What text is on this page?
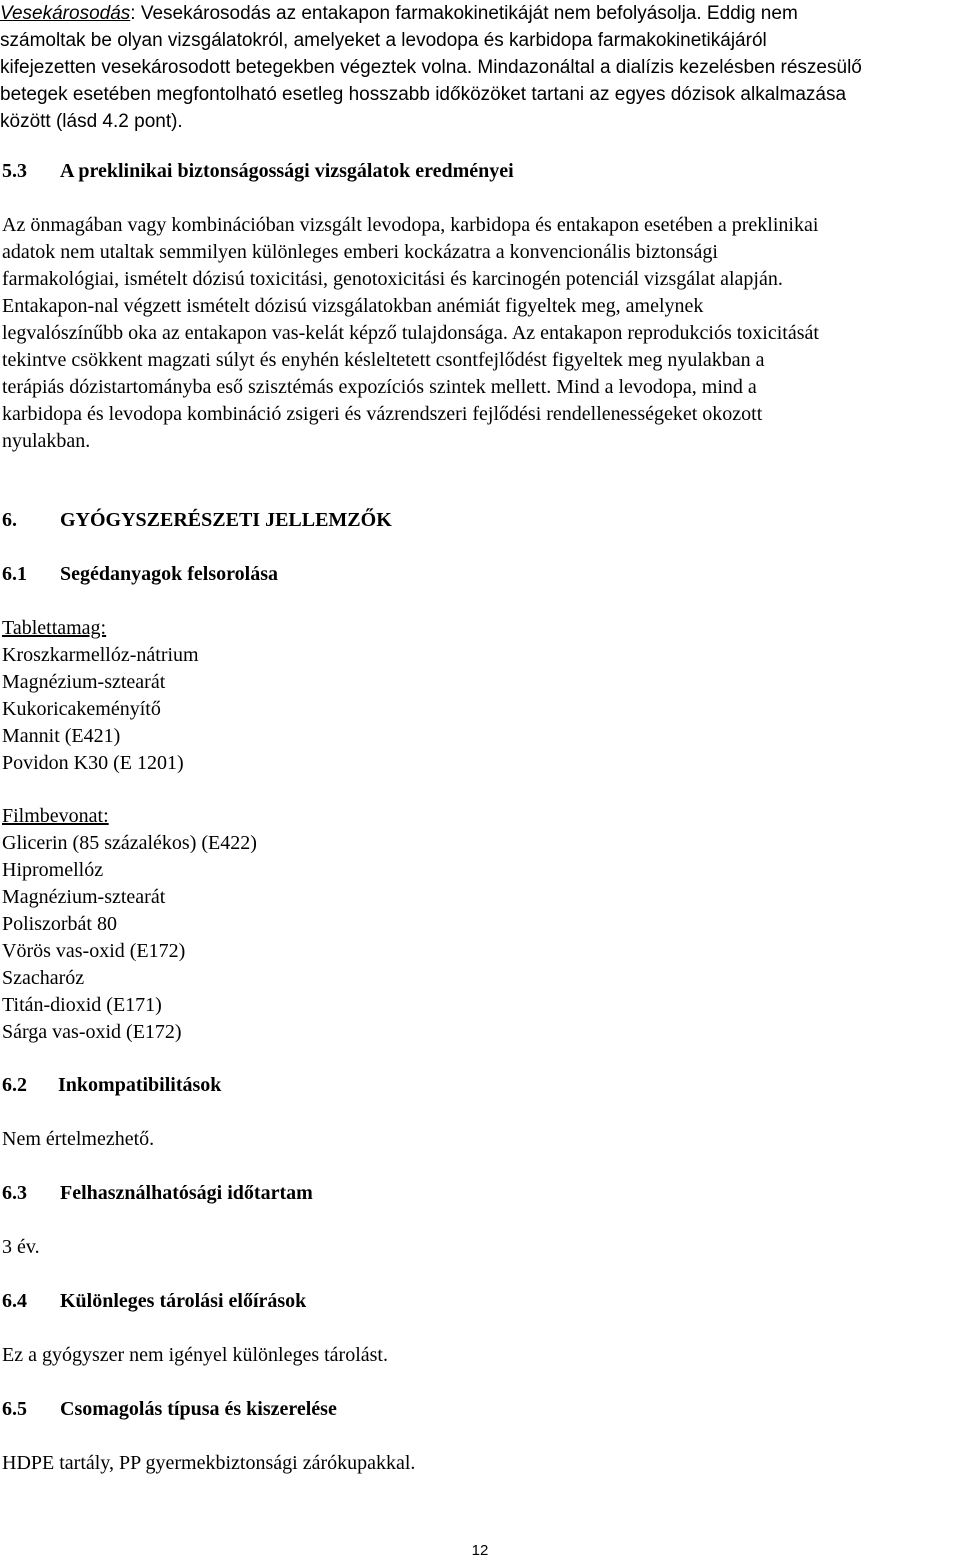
Vesekárosodás: Vesekárosodás az entakapon farmakokinetikáját nem befolyásolja. Eddig nem
számoltak be olyan vizsgálatokról, amelyeket a levodopa és karbidopa farmakokinetikájáról
kifejezetten vesekárosodott betegekben végeztek volna. Mindazonáltal a dialízis kezelésben részesülő
betegek esetében megfontolható esetleg hosszabb időközöket tartani az egyes dózisok alkalmazása
között (lásd 4.2 pont).

5.3 A preklinikai biztonságossági vizsgálatok eredményei

Az önmagában vagy kombinációban vizsgált levodopa, karbidopa és entakapon esetében a preklinikai
adatok nem utaltak semmilyen különleges emberi kockázatra a konvencionális biztonsági
farmakológiai, ismételt dózisú toxicitási, genotoxicitási és karcinogén potenciál vizsgálat alapján.
Entakapon-nal végzett ismételt dózisú vizsgálatokban anémiát figyeltek meg, amelynek
legvalószínűbb oka az entakapon vas-kelát képző tulajdonsága. Az entakapon reprodukciós toxicitását
tekintve csökkent magzati súlyt és enyhén késleltetett csontfejlődést figyeltek meg nyulakban a
terápiás dózistartományba eső szisztémás expozíciós szintek mellett. Mind a levodopa, mind a
karbidopa és levodopa kombináció zsigeri és vázrendszeri fejlődési rendellenességeket okozott
nyulakban.

6. GYÓGYSZERÉSZETI JELLEMZŐK

6.1 Segédanyagok felsorolása

Tablettamag:
Kroszkarmellóz-nátrium
Magnézium-sztearát
Kukoricakeményítő
Mannit (E421)
Povidon K30 (E 1201)
Filmbevonat:
Glicerin (85 százalékos) (E422)
Hipromellóz
Magnézium-sztearát
Poliszorbát 80
Vörös vas-oxid (E172)
Szacharóz
Titán-dioxid (E171)
Sárga vas-oxid (E172)

6.2 Inkompatibilitások

Nem értelmezhető.

6.3 Felhasználhatósági időtartam

3 év.

6.4 Különleges tárolási előírások

Ez a gyógyszer nem igényel különleges tárolást.

6.5 Csomagolás típusa és kiszerelése

HDPE tartály, PP gyermekbiztonsági zárókupakkal.
12
